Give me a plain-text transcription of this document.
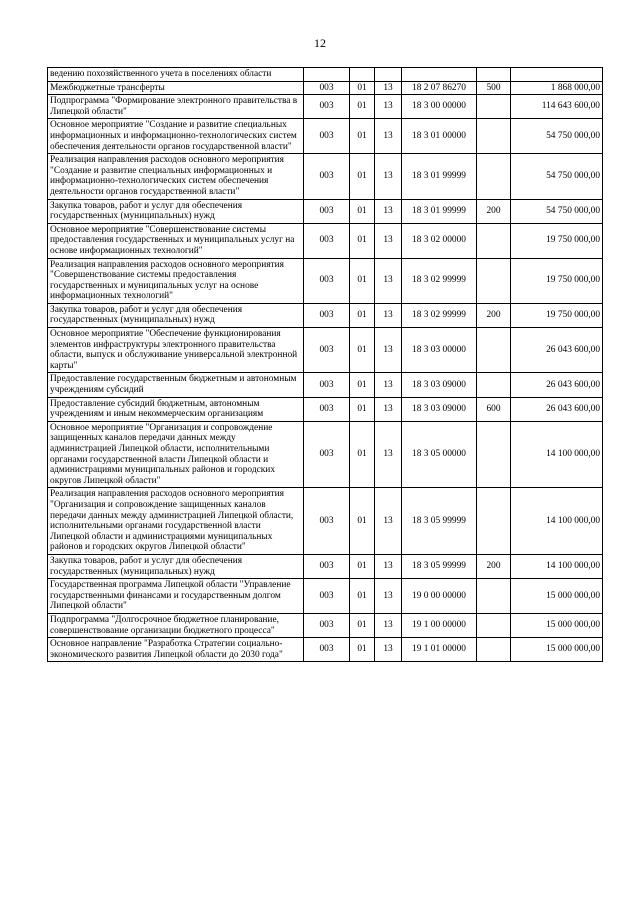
12
ведению похозяйственного учета в поселениях области						
Межбюджетные трансферты	003	01	13	18 2 07 86270	500	1 868 000,00
Подпрограмма "Формирование электронного правительства в Липецкой области"	003	01	13	18 3 00 00000		114 643 600,00
Основное мероприятие "Создание и развитие специальных информационных и информационно-технологических систем обеспечения деятельности органов государственной власти"	003	01	13	18 3 01 00000		54 750 000,00
Реализация направления расходов основного мероприятия "Создание и развитие специальных информационных и информационно-технологических систем обеспечения деятельности органов государственной власти"	003	01	13	18 3 01 99999		54 750 000,00
Закупка товаров, работ и услуг для обеспечения государственных (муниципальных) нужд	003	01	13	18 3 01 99999	200	54 750 000,00
Основное мероприятие "Совершенствование системы предоставления государственных и муниципальных услуг на основе информационных технологий"	003	01	13	18 3 02 00000		19 750 000,00
Реализация направления расходов основного мероприятия "Совершенствование системы предоставления государственных и муниципальных услуг на основе информационных технологий"	003	01	13	18 3 02 99999		19 750 000,00
Закупка товаров, работ и услуг для обеспечения государственных (муниципальных) нужд	003	01	13	18 3 02 99999	200	19 750 000,00
Основное мероприятие "Обеспечение функционирования элементов инфраструктуры электронного правительства области, выпуск и обслуживание универсальной электронной карты"	003	01	13	18 3 03 00000		26 043 600,00
Предоставление государственным бюджетным и автономным учреждениям субсидий	003	01	13	18 3 03 09000		26 043 600,00
Предоставление субсидий бюджетным, автономным учреждениям и иным некоммерческим организациям	003	01	13	18 3 03 09000	600	26 043 600,00
Основное мероприятие "Организация и сопровождение защищенных каналов передачи данных между администрацией Липецкой области, исполнительными органами государственной власти Липецкой области и администрациями муниципальных районов и городских округов Липецкой области"	003	01	13	18 3 05 00000		14 100 000,00
Реализация направления расходов основного мероприятия "Организация и сопровождение защищенных каналов передачи данных между администрацией Липецкой области, исполнительными органами государственной власти Липецкой области и администрациями муниципальных районов и городских округов Липецкой области"	003	01	13	18 3 05 99999		14 100 000,00
Закупка товаров, работ и услуг для обеспечения государственных (муниципальных) нужд	003	01	13	18 3 05 99999	200	14 100 000,00
Государственная программа Липецкой области "Управление государственными финансами и государственным долгом Липецкой области"	003	01	13	19 0 00 00000		15 000 000,00
Подпрограмма "Долгосрочное бюджетное планирование, совершенствование организации бюджетного процесса"	003	01	13	19 1 00 00000		15 000 000,00
Основное направление "Разработка Стратегии социально-экономического развития Липецкой области до 2030 года"	003	01	13	19 1 01 00000		15 000 000,00
